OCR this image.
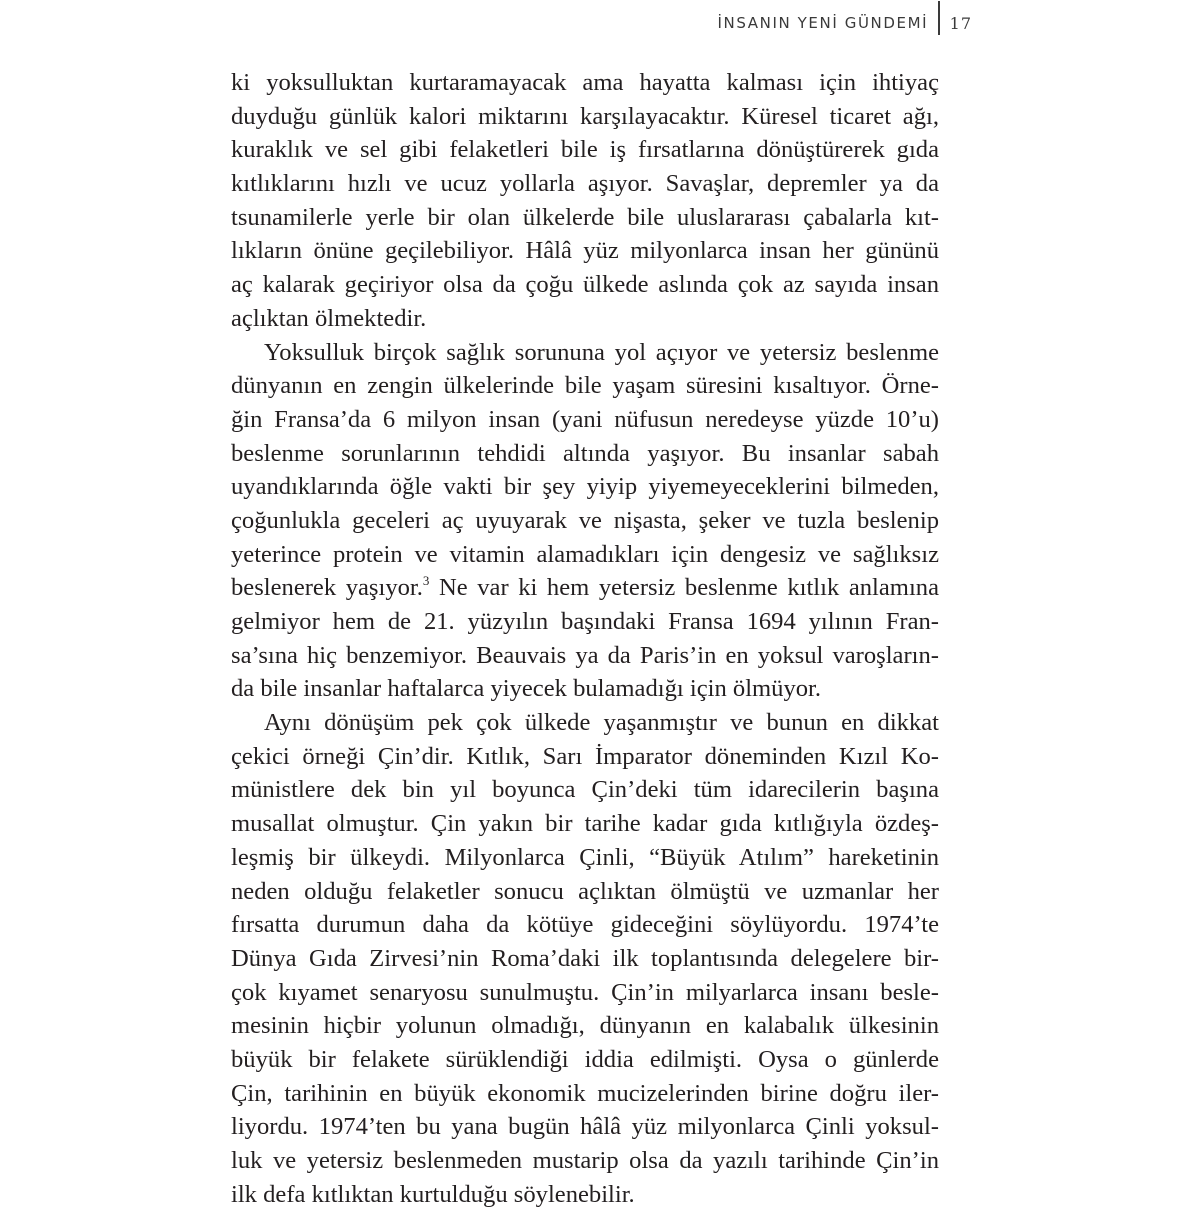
İNSANIN YENİ GÜNDEMİ	17
ki yoksulluktan kurtaramayacak ama hayatta kalması için ihtiyaç
duyduğu günlük kalori miktarını karşılayacaktır. Küresel ticaret ağı,
kuraklık ve sel gibi felaketleri bile iş fırsatlarına dönüştürerek gıda
kıtlıklarını hızlı ve ucuz yollarla aşıyor. Savaşlar, depremler ya da
tsunamilerle yerle bir olan ülkelerde bile uluslararası çabalarla kıt-
lıkların önüne geçilebiliyor. Hâlâ yüz milyonlarca insan her gününü
aç kalarak geçiriyor olsa da çoğu ülkede aslında çok az sayıda insan
açlıktan ölmektedir.
Yoksulluk birçok sağlık sorununa yol açıyor ve yetersiz beslenme
dünyanın en zengin ülkelerinde bile yaşam süresini kısaltıyor. Örne-
ğin Fransa’da 6 milyon insan (yani nüfusun neredeyse yüzde 10’u)
beslenme sorunlarının tehdidi altında yaşıyor. Bu insanlar sabah
uyandıklarında öğle vakti bir şey yiyip yiyemeyeceklerini bilmeden,
çoğunlukla geceleri aç uyuyarak ve nişasta, şeker ve tuzla beslenip
yeterince protein ve vitamin alamadıkları için dengesiz ve sağlıksız
beslenerek yaşıyor.$^3$ Ne var ki hem yetersiz beslenme kıtlık anlamına
gelmiyor hem de 21. yüzyılın başındaki Fransa 1694 yılının Fran-
sa’sına hiç benzemiyor. Beauvais ya da Paris’in en yoksul varoşların-
da bile insanlar haftalarca yiyecek bulamadığı için ölmüyor.
Aynı dönüşüm pek çok ülkede yaşanmıştır ve bunun en dikkat
çekici örneği Çin’dir. Kıtlık, Sarı İmparator döneminden Kızıl Ko-
münistlere dek bin yıl boyunca Çin’deki tüm idarecilerin başına
musallat olmuştur. Çin yakın bir tarihe kadar gıda kıtlığıyla özdeş-
leşmiş bir ülkeydi. Milyonlarca Çinli, “Büyük Atılım” hareketinin
neden olduğu felaketler sonucu açlıktan ölmüştü ve uzmanlar her
fırsatta durumun daha da kötüye gideceğini söylüyordu. 1974’te
Dünya Gıda Zirvesi’nin Roma’daki ilk toplantısında delegelere bir-
çok kıyamet senaryosu sunulmuştu. Çin’in milyarlarca insanı besle-
mesinin hiçbir yolunun olmadığı, dünyanın en kalabalık ülkesinin
büyük bir felakete sürüklendiği iddia edilmişti. Oysa o günlerde
Çin, tarihinin en büyük ekonomik mucizelerinden birine doğru iler-
liyordu. 1974’ten bu yana bugün hâlâ yüz milyonlarca Çinli yoksul-
luk ve yetersiz beslenmeden mustarip olsa da yazılı tarihinde Çin’in
ilk defa kıtlıktan kurtulduğu söylenebilir.
